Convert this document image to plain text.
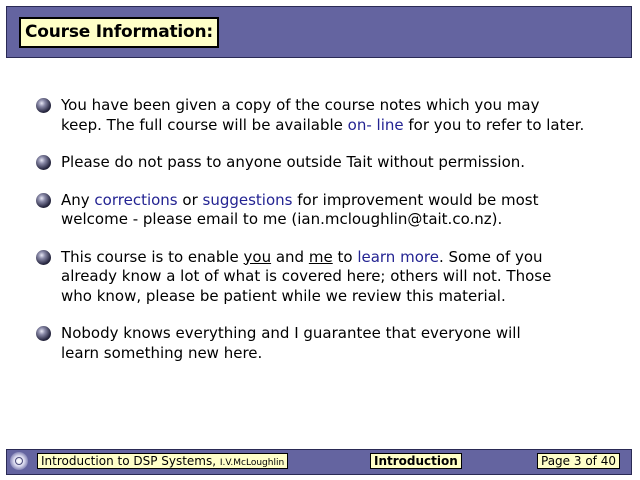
Course Information:
You have been given a copy of the course notes which you may
keep. The full course will be available on- line for you to refer to later.
Please do not pass to anyone outside Tait without permission.
Any corrections or suggestions for improvement would be most
welcome - please email to me (ian.mcloughlin@tait.co.nz).
This course is to enable you and me to learn more. Some of you
already know a lot of what is covered here; others will not. Those
who know, please be patient while we review this material.
Nobody knows everything and I guarantee that everyone will
learn something new here.
Introduction to DSP Systems, I.V.McLoughlin	Introduction	Page 3 of 40
